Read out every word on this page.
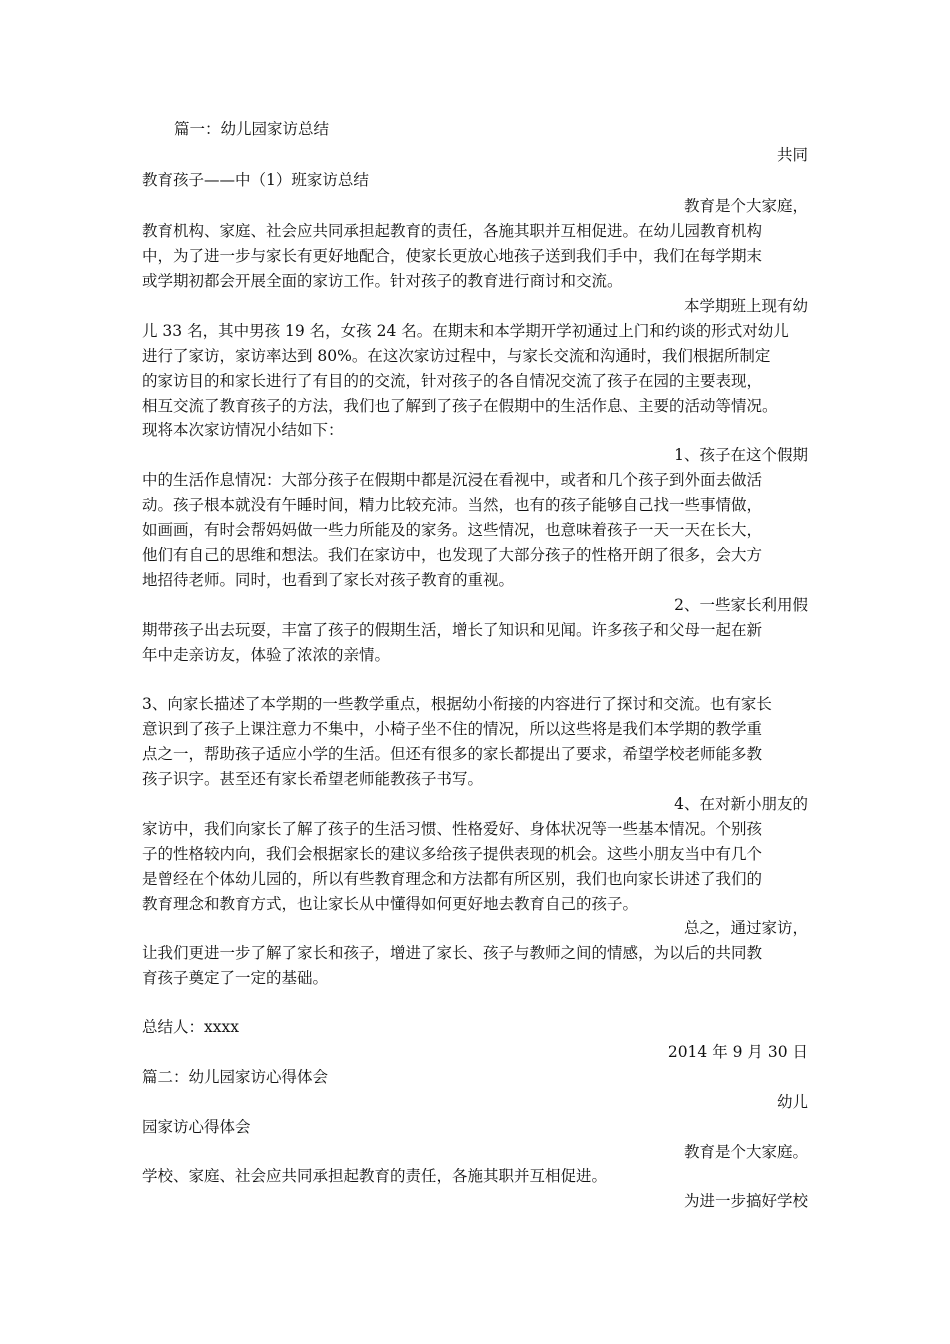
篇一：幼儿园家访总结
共同
教育孩子——中（1）班家访总结
教育是个大家庭，
教育机构、家庭、社会应共同承担起教育的责任，各施其职并互相促进。在幼儿园教育机构
中，为了进一步与家长有更好地配合，使家长更放心地孩子送到我们手中，我们在每学期末
或学期初都会开展全面的家访工作。针对孩子的教育进行商讨和交流。
本学期班上现有幼
儿 33 名，其中男孩 19 名，女孩 24 名。在期末和本学期开学初通过上门和约谈的形式对幼儿
进行了家访，家访率达到 80%。在这次家访过程中，与家长交流和沟通时，我们根据所制定
的家访目的和家长进行了有目的的交流，针对孩子的各自情况交流了孩子在园的主要表现，
相互交流了教育孩子的方法，我们也了解到了孩子在假期中的生活作息、主要的活动等情况。
现将本次家访情况小结如下：
1、孩子在这个假期
中的生活作息情况：大部分孩子在假期中都是沉浸在看视中，或者和几个孩子到外面去做活
动。孩子根本就没有午睡时间，精力比较充沛。当然，也有的孩子能够自己找一些事情做，
如画画，有时会帮妈妈做一些力所能及的家务。这些情况，也意味着孩子一天一天在长大，
他们有自己的思维和想法。我们在家访中，也发现了大部分孩子的性格开朗了很多，会大方
地招待老师。同时，也看到了家长对孩子教育的重视。
2、一些家长利用假
期带孩子出去玩耍，丰富了孩子的假期生活，增长了知识和见闻。许多孩子和父母一起在新
年中走亲访友，体验了浓浓的亲情。
3、向家长描述了本学期的一些教学重点，根据幼小衔接的内容进行了探讨和交流。也有家长
意识到了孩子上课注意力不集中，小椅子坐不住的情况，所以这些将是我们本学期的教学重
点之一，帮助孩子适应小学的生活。但还有很多的家长都提出了要求，希望学校老师能多教
孩子识字。甚至还有家长希望老师能教孩子书写。
4、在对新小朋友的
家访中，我们向家长了解了孩子的生活习惯、性格爱好、身体状况等一些基本情况。个别孩
子的性格较内向，我们会根据家长的建议多给孩子提供表现的机会。这些小朋友当中有几个
是曾经在个体幼儿园的，所以有些教育理念和方法都有所区别，我们也向家长讲述了我们的
教育理念和教育方式，也让家长从中懂得如何更好地去教育自己的孩子。
总之，通过家访，
让我们更进一步了解了家长和孩子，增进了家长、孩子与教师之间的情感，为以后的共同教
育孩子奠定了一定的基础。
总结人：xxxx
2014 年 9 月 30 日
篇二：幼儿园家访心得体会
幼儿
园家访心得体会
教育是个大家庭。
学校、家庭、社会应共同承担起教育的责任，各施其职并互相促进。
为进一步搞好学校
